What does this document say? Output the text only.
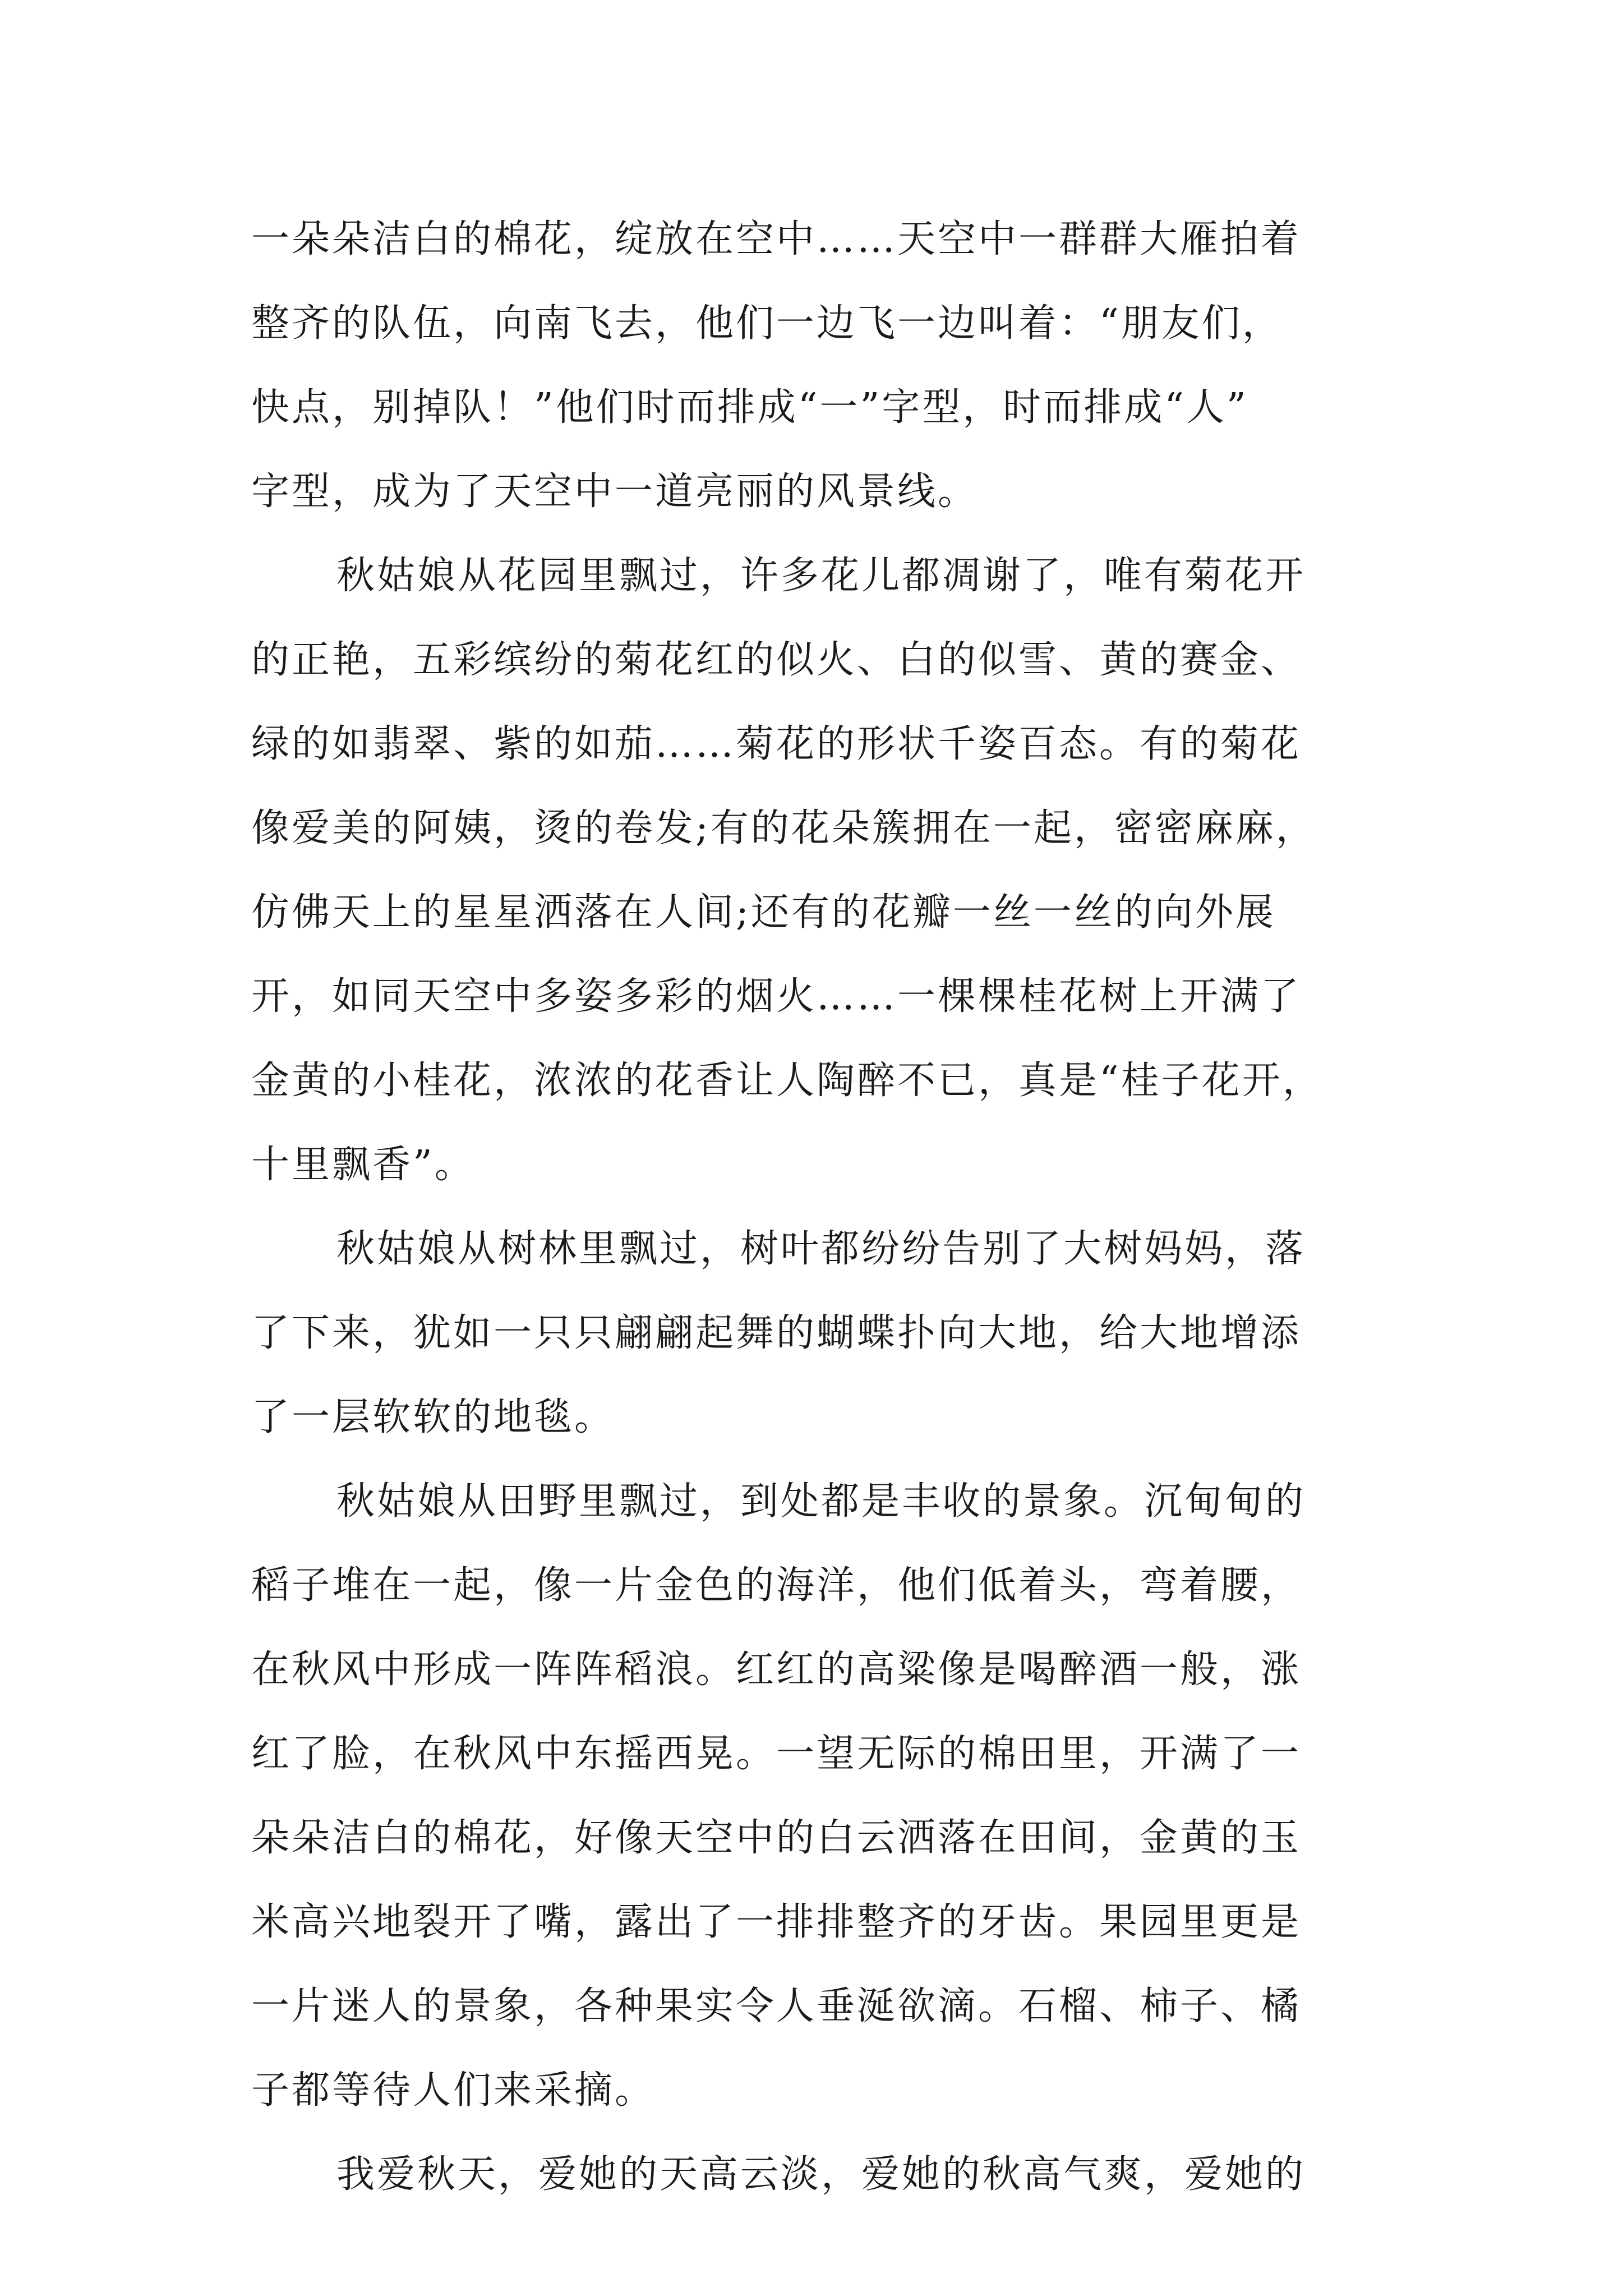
一朵朵洁白的棉花，绽放在空中……天空中一群群大雁拍着
整齐的队伍，向南飞去，他们一边飞一边叫着：“朋友们，
快点，别掉队！”他们时而排成“一”字型，时而排成“人”
字型，成为了天空中一道亮丽的风景线。
秋姑娘从花园里飘过，许多花儿都凋谢了，唯有菊花开
的正艳，五彩缤纷的菊花红的似火、白的似雪、黄的赛金、
绿的如翡翠、紫的如茄……菊花的形状千姿百态。有的菊花
像爱美的阿姨，烫的卷发;有的花朵簇拥在一起，密密麻麻，
仿佛天上的星星洒落在人间;还有的花瓣一丝一丝的向外展
开，如同天空中多姿多彩的烟火……一棵棵桂花树上开满了
金黄的小桂花，浓浓的花香让人陶醉不已，真是“桂子花开，
十里飘香”。
秋姑娘从树林里飘过，树叶都纷纷告别了大树妈妈，落
了下来，犹如一只只翩翩起舞的蝴蝶扑向大地，给大地增添
了一层软软的地毯。
秋姑娘从田野里飘过，到处都是丰收的景象。沉甸甸的
稻子堆在一起，像一片金色的海洋，他们低着头，弯着腰，
在秋风中形成一阵阵稻浪。红红的高粱像是喝醉酒一般，涨
红了脸，在秋风中东摇西晃。一望无际的棉田里，开满了一
朵朵洁白的棉花，好像天空中的白云洒落在田间，金黄的玉
米高兴地裂开了嘴，露出了一排排整齐的牙齿。果园里更是
一片迷人的景象，各种果实令人垂涎欲滴。石榴、柿子、橘
子都等待人们来采摘。
我爱秋天，爱她的天高云淡，爱她的秋高气爽，爱她的
